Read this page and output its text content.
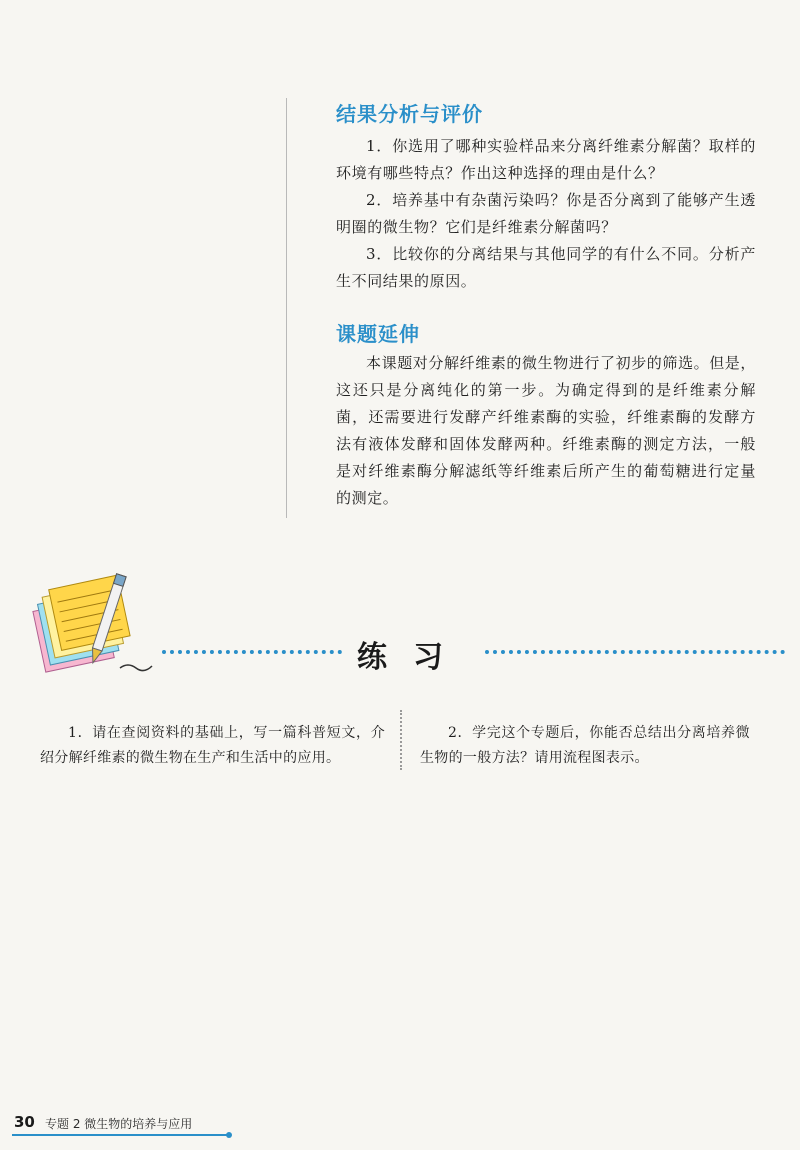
结果分析与评价

1．你选用了哪种实验样品来分离纤维素分解菌？取样的环境有哪些特点？作出这种选择的理由是什么？

2．培养基中有杂菌污染吗？你是否分离到了能够产生透明圈的微生物？它们是纤维素分解菌吗？

3．比较你的分离结果与其他同学的有什么不同。分析产生不同结果的原因。

课题延伸

本课题对分解纤维素的微生物进行了初步的筛选。但是，这还只是分离纯化的第一步。为确定得到的是纤维素分解菌，还需要进行发酵产纤维素酶的实验，纤维素酶的发酵方法有液体发酵和固体发酵两种。纤维素酶的测定方法，一般是对纤维素酶分解滤纸等纤维素后所产生的葡萄糖进行定量的测定。

练习

1．请在查阅资料的基础上，写一篇科普短文，介绍分解纤维素的微生物在生产和生活中的应用。

2．学完这个专题后，你能否总结出分离培养微生物的一般方法？请用流程图表示。

30 专题 2 微生物的培养与应用
